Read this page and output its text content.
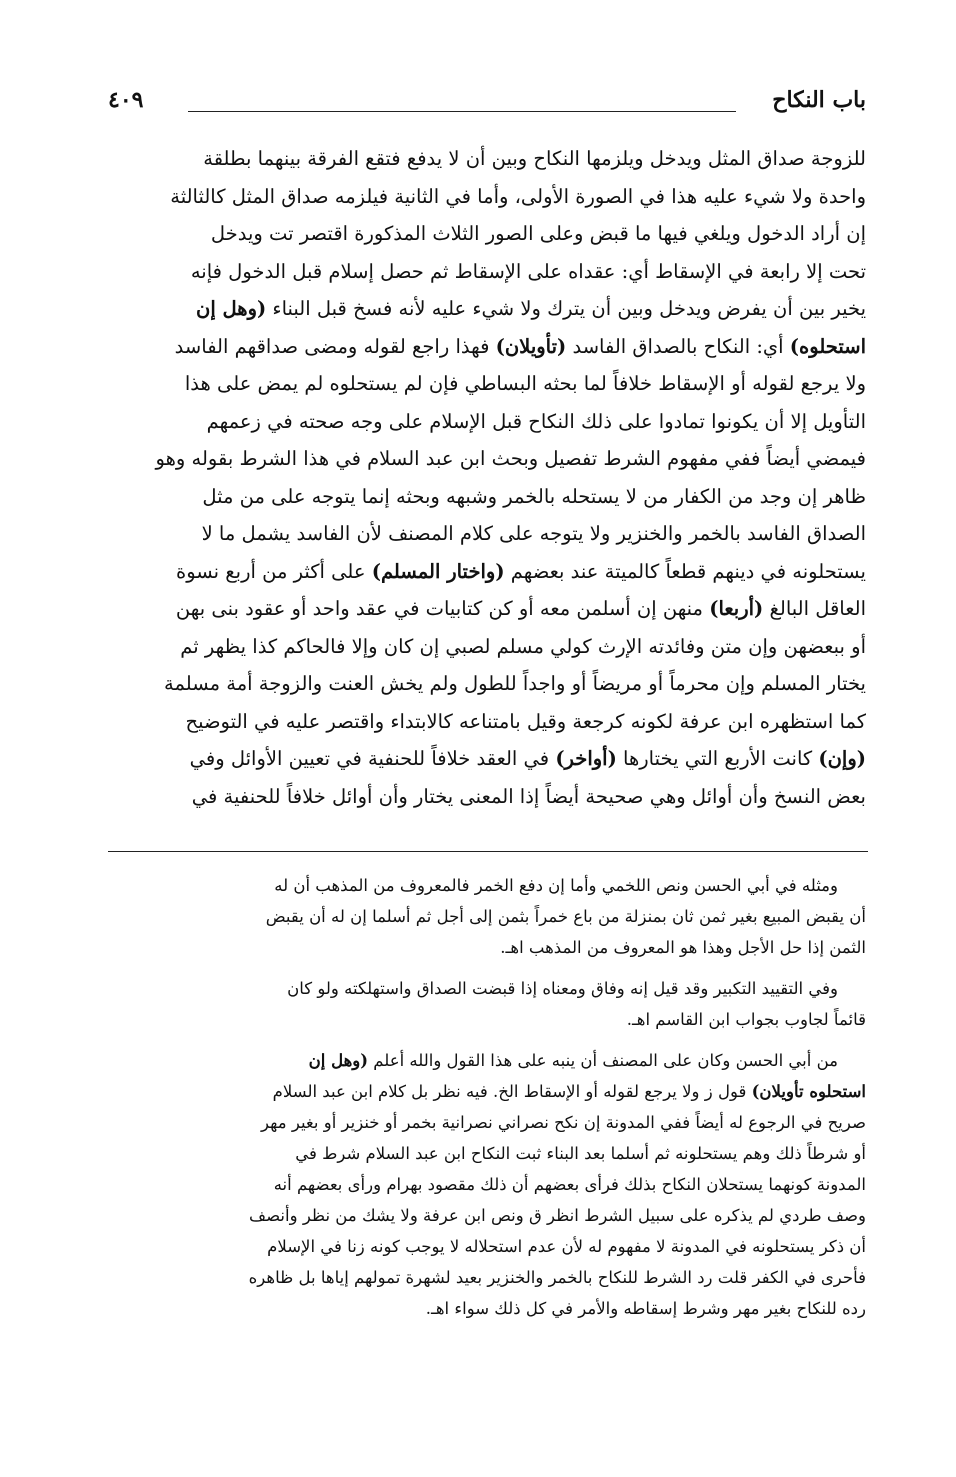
باب النكاح
٤٠٩
للزوجة صداق المثل ويدخل ويلزمها النكاح وبين أن لا يدفع فتقع الفرقة بينهما بطلقة
واحدة ولا شيء عليه هذا في الصورة الأولى، وأما في الثانية فيلزمه صداق المثل كالثالثة
إن أراد الدخول ويلغي فيها ما قبض وعلى الصور الثلاث المذكورة اقتصر تت ويدخل
تحت إلا رابعة في الإسقاط أي: عقداه على الإسقاط ثم حصل إسلام قبل الدخول فإنه
يخير بين أن يفرض ويدخل وبين أن يترك ولا شيء عليه لأنه فسخ قبل البناء (وهل إن
استحلوه) أي: النكاح بالصداق الفاسد (تأويلان) فهذا راجع لقوله ومضى صداقهم الفاسد
ولا يرجع لقوله أو الإسقاط خلافاً لما بحثه البساطي فإن لم يستحلوه لم يمض على هذا
التأويل إلا أن يكونوا تمادوا على ذلك النكاح قبل الإسلام على وجه صحته في زعمهم
فيمضي أيضاً ففي مفهوم الشرط تفصيل وبحث ابن عبد السلام في هذا الشرط بقوله وهو
ظاهر إن وجد من الكفار من لا يستحله بالخمر وشبهه وبحثه إنما يتوجه على من مثل
الصداق الفاسد بالخمر والخنزير ولا يتوجه على كلام المصنف لأن الفاسد يشمل ما لا
يستحلونه في دينهم قطعاً كالميتة عند بعضهم (واختار المسلم) على أكثر من أربع نسوة
العاقل البالغ (أربعا) منهن إن أسلمن معه أو كن كتابيات في عقد واحد أو عقود بنى بهن
أو ببعضهن وإن متن وفائدته الإرث كولي مسلم لصبي إن كان وإلا فالحاكم كذا يظهر ثم
يختار المسلم وإن محرماً أو مريضاً أو واجداً للطول ولم يخش العنت والزوجة أمة مسلمة
كما استظهره ابن عرفة لكونه كرجعة وقيل بامتناعه كالابتداء واقتصر عليه في التوضيح
(وإن) كانت الأربع التي يختارها (أواخر) في العقد خلافاً للحنفية في تعيين الأوائل وفي
بعض النسخ وأن أوائل وهي صحيحة أيضاً إذا المعنى يختار وأن أوائل خلافاً للحنفية في
ومثله في أبي الحسن ونص اللخمي وأما إن دفع الخمر فالمعروف من المذهب أن له
أن يقبض المبيع بغير ثمن ثان بمنزلة من باع خمراً بثمن إلى أجل ثم أسلما إن له أن يقبض
الثمن إذا حل الأجل وهذا هو المعروف من المذهب اهـ.
وفي التقييد التكبير وقد قيل إنه وفاق ومعناه إذا قبضت الصداق واستهلكته ولو كان
قائماً لجاوب بجواب ابن القاسم اهـ.
من أبي الحسن وكان على المصنف أن ينبه على هذا القول والله أعلم (وهل إن
استحلوه تأويلان) قول ز ولا يرجع لقوله أو الإسقاط الخ. فيه نظر بل كلام ابن عبد السلام
صريح في الرجوع له أيضاً ففي المدونة إن نكح نصراني نصرانية بخمر أو خنزير أو بغير مهر
أو شرطاً ذلك وهم يستحلونه ثم أسلما بعد البناء ثبت النكاح ابن عبد السلام شرط في
المدونة كونهما يستحلان النكاح بذلك فرأى بعضهم أن ذلك مقصود بهرام ورأى بعضهم أنه
وصف طردي لم يذكره على سبيل الشرط انظر ق ونص ابن عرفة ولا يشك من نظر وأنصف
أن ذكر يستحلونه في المدونة لا مفهوم له لأن عدم استحلاله لا يوجب كونه زنا في الإسلام
فأحرى في الكفر قلت رد الشرط للنكاح بالخمر والخنزير بعيد لشهرة تمولهم إياها بل ظاهره
رده للنكاح بغير مهر وشرط إسقاطه والأمر في كل ذلك سواء اهـ.
